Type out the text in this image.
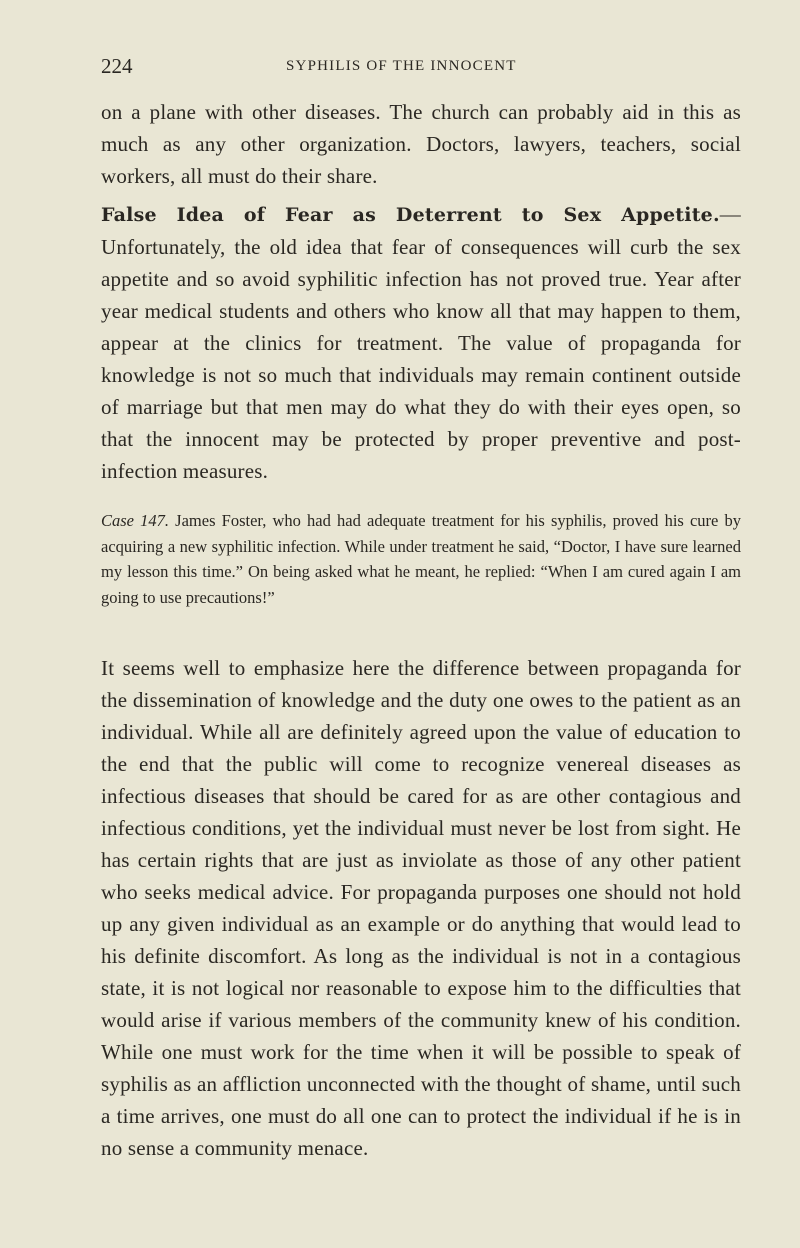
224	SYPHILIS OF THE INNOCENT

on a plane with other diseases. The church can probably aid in this as much as any other organization. Doctors, lawyers, teachers, social workers, all must do their share.

False Idea of Fear as Deterrent to Sex Appetite.—Unfortunately, the old idea that fear of consequences will curb the sex appetite and so avoid syphilitic infection has not proved true. Year after year medical students and others who know all that may happen to them, appear at the clinics for treatment. The value of propaganda for knowledge is not so much that individuals may remain continent outside of marriage but that men may do what they do with their eyes open, so that the innocent may be protected by proper preventive and post-infection measures.

Case 147. James Foster, who had had adequate treatment for his syphilis, proved his cure by acquiring a new syphilitic infection. While under treatment he said, “Doctor, I have sure learned my lesson this time.” On being asked what he meant, he replied: “When I am cured again I am going to use precautions!”

It seems well to emphasize here the difference between propaganda for the dissemination of knowledge and the duty one owes to the patient as an individual. While all are definitely agreed upon the value of education to the end that the public will come to recognize venereal diseases as infectious diseases that should be cared for as are other contagious and infectious conditions, yet the individual must never be lost from sight. He has certain rights that are just as inviolate as those of any other patient who seeks medical advice. For propaganda purposes one should not hold up any given individual as an example or do anything that would lead to his definite discomfort. As long as the individual is not in a contagious state, it is not logical nor reasonable to expose him to the difficulties that would arise if various members of the community knew of his condition. While one must work for the time when it will be possible to speak of syphilis as an affliction unconnected with the thought of shame, until such a time arrives, one must do all one can to protect the individual if he is in no sense a community menace.
